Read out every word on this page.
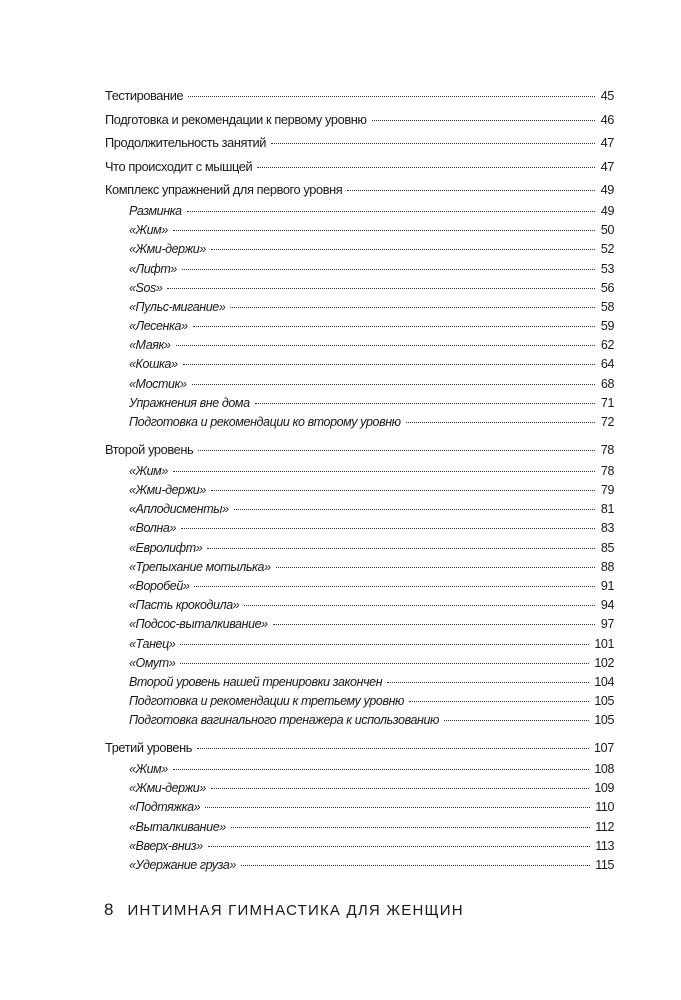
Тестирование	45
Подготовка и рекомендации к первому уровню	46
Продолжительность занятий	47
Что происходит с мышцей	47
Комплекс упражнений для первого уровня	49
Разминка	49
«Жим»	50
«Жми-держи»	52
«Лифт»	53
«Sos»	56
«Пульс-мигание»	58
«Лесенка»	59
«Маяк»	62
«Кошка»	64
«Мостик»	68
Упражнения вне дома	71
Подготовка и рекомендации ко второму уровню	72
Второй уровень	78
«Жим»	78
«Жми-держи»	79
«Аплодисменты»	81
«Волна»	83
«Евролифт»	85
«Трепыхание мотылька»	88
«Воробей»	91
«Пасть крокодила»	94
«Подсос-выталкивание»	97
«Танец»	101
«Омут»	102
Второй уровень нашей тренировки закончен	104
Подготовка и рекомендации к третьему уровню	105
Подготовка вагинального тренажера к использованию	105
Третий уровень	107
«Жим»	108
«Жми-держи»	109
«Подтяжка»	110
«Выталкивание»	112
«Вверх-вниз»	113
«Удержание груза»	115
8 ИНТИМНАЯ ГИМНАСТИКА ДЛЯ ЖЕНЩИН
